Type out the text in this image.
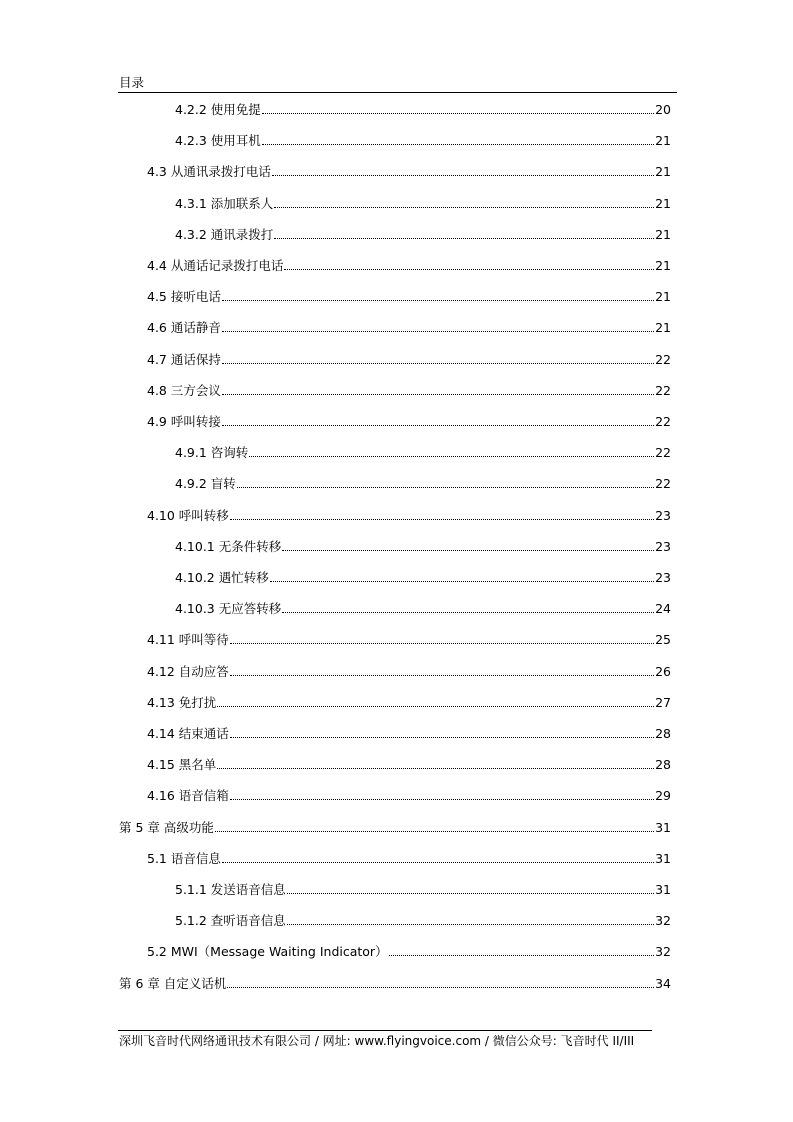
目录
4.2.2 使用免提	20
4.2.3 使用耳机	21
4.3 从通讯录拨打电话	21
4.3.1 添加联系人	21
4.3.2 通讯录拨打	21
4.4 从通话记录拨打电话	21
4.5 接听电话	21
4.6 通话静音	21
4.7 通话保持	22
4.8 三方会议	22
4.9 呼叫转接	22
4.9.1 咨询转	22
4.9.2 盲转	22
4.10 呼叫转移	23
4.10.1 无条件转移	23
4.10.2 遇忙转移	23
4.10.3 无应答转移	24
4.11 呼叫等待	25
4.12 自动应答	26
4.13 免打扰	27
4.14 结束通话	28
4.15 黑名单	28
4.16 语音信箱	29
第 5 章 高级功能	31
5.1 语音信息	31
5.1.1 发送语音信息	31
5.1.2 查听语音信息	32
5.2 MWI（Message Waiting Indicator）	32
第 6 章 自定义话机	34
深圳飞音时代网络通讯技术有限公司 / 网址: www.flyingvoice.com / 微信公众号: 飞音时代 II/III
